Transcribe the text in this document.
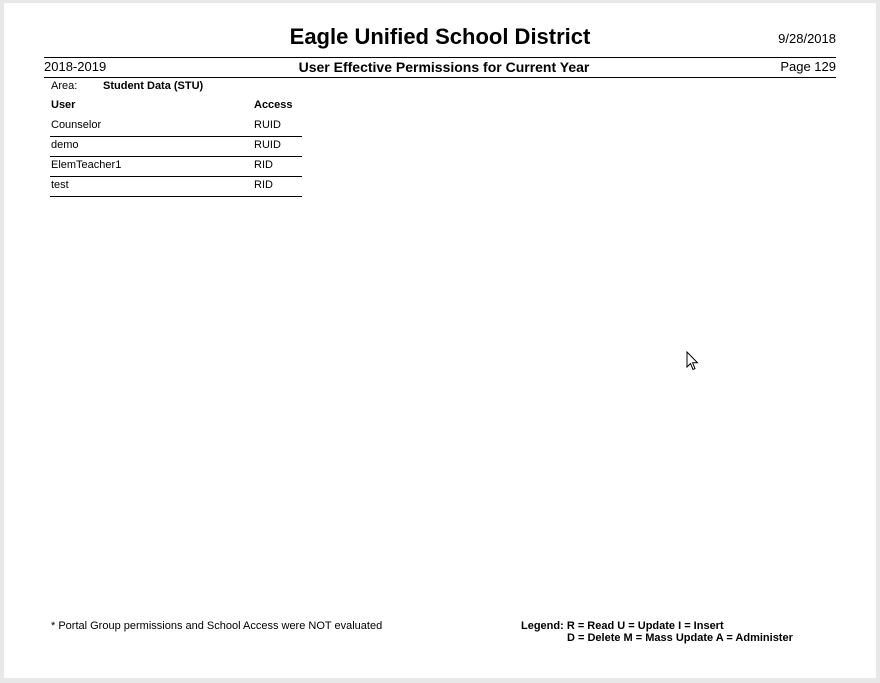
Eagle Unified School District	9/28/2018
2018-2019	User Effective Permissions for Current Year	Page 129
Area: Student Data (STU)
User	Access
Counselor	RUID
demo	RUID
ElemTeacher1	RID
test	RID
* Portal Group permissions and School Access were NOT evaluated	Legend: R = Read U = Update I = Insert
D = Delete M = Mass Update A = Administer
